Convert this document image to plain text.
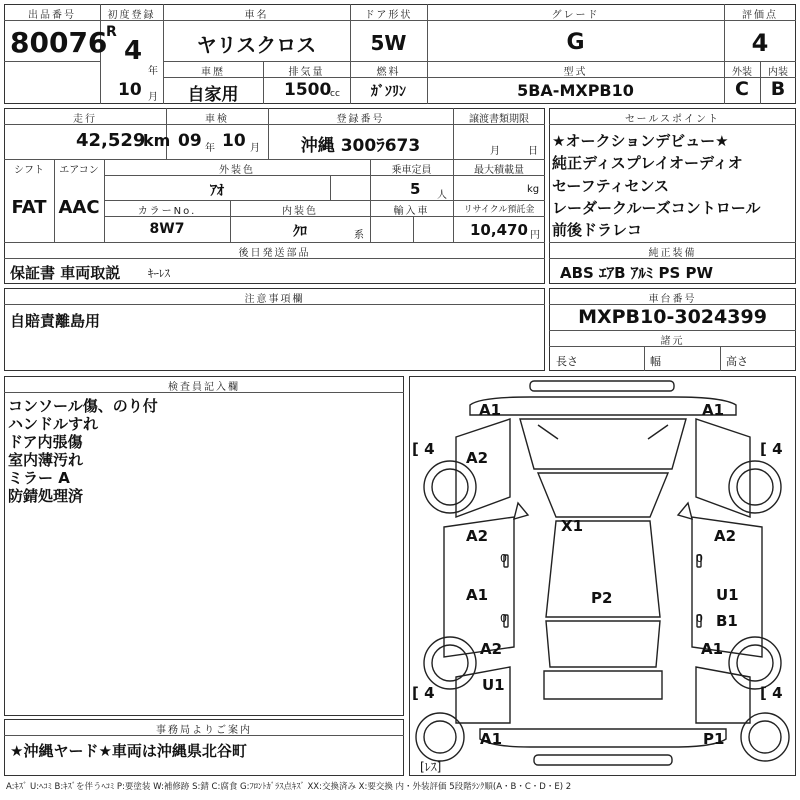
出品番号
80076
初度登録
R
4
年
10 月
車名
ヤリスクロス
ドア形状
5W
グレード
G
評価点
4
車歴
自家用
排気量
1500
cc
燃料
ｶﾞｿﾘﾝ
型式
5BA-MXPB10
外装
C
内装
B
走行
42,529
km
車検
09 年 10 月
登録番号
沖縄 300ﾗ673
譲渡書類期限
月	日
シフト
FAT
エアコン
AAC
外装色
ｱｵ
乗車定員
5 人
最大積載量
kg
カラーNo.
8W7
内装色
ｸﾛ	系
輸入車	リサイクル預託金
10,470 円
後日発送部品
保証書 車両取説	ｷｰﾚｽ
セールスポイント
★オークションデビュー★
純正ディスプレイオーディオ
セーフティセンス
レーダークルーズコントロール
前後ドラレコ
純正装備
ABS ｴｱB ｱﾙﾐ PS PW
注意事項欄
自賠責離島用
車台番号
MXPB10-3024399
諸元
長さ	幅	高さ
検査員記入欄
コンソール傷、のり付
ハンドルすれ
ドア内張傷
室内薄汚れ
ミラー A
防錆処理済
事務局よりご案内
★沖縄ヤード★車両は沖縄県北谷町
A1	A1
A2
X1
A2	A2
A1	P2	U1
B1
A2	A1
U1
A1	P1
[ 4	[ 4
[ 4	[ 4
[ﾚｽ]
0	0
0	0
A:ｷｽﾞ U:ﾍｺﾐ B:ｷｽﾞを伴うﾍｺﾐ P:要塗装 W:補修跡 S:錆 C:腐食 G:ﾌﾛﾝﾄｶﾞﾗｽ点ｷｽﾞ XX:交換済み X:要交換 内・外装評価 5段階ﾗﾝｸ順(A・B・C・D・E) 2
